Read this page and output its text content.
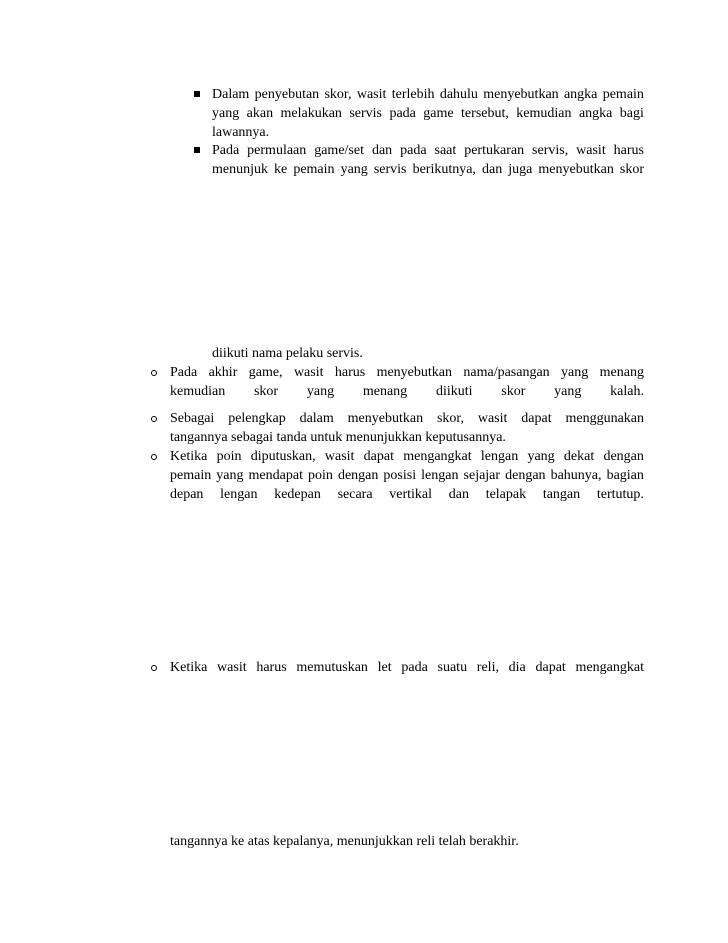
Dalam penyebutan skor, wasit terlebih dahulu menyebutkan angka pemain
yang akan melakukan servis pada game tersebut, kemudian angka bagi
lawannya.
Pada permulaan game/set dan pada saat pertukaran servis, wasit harus
menunjuk ke pemain yang servis berikutnya, dan juga menyebutkan skor
diikuti nama pelaku servis.
Pada akhir game, wasit harus menyebutkan nama/pasangan yang menang
kemudian skor yang menang diikuti skor yang kalah.
Sebagai pelengkap dalam menyebutkan skor, wasit dapat menggunakan
tangannya sebagai tanda untuk menunjukkan keputusannya.
Ketika poin diputuskan, wasit dapat mengangkat lengan yang dekat dengan
pemain yang mendapat poin dengan posisi lengan sejajar dengan bahunya, bagian
depan lengan kedepan secara vertikal dan telapak tangan tertutup.
Ketika wasit harus memutuskan let pada suatu reli, dia dapat mengangkat
tangannya ke atas kepalanya, menunjukkan reli telah berakhir.
